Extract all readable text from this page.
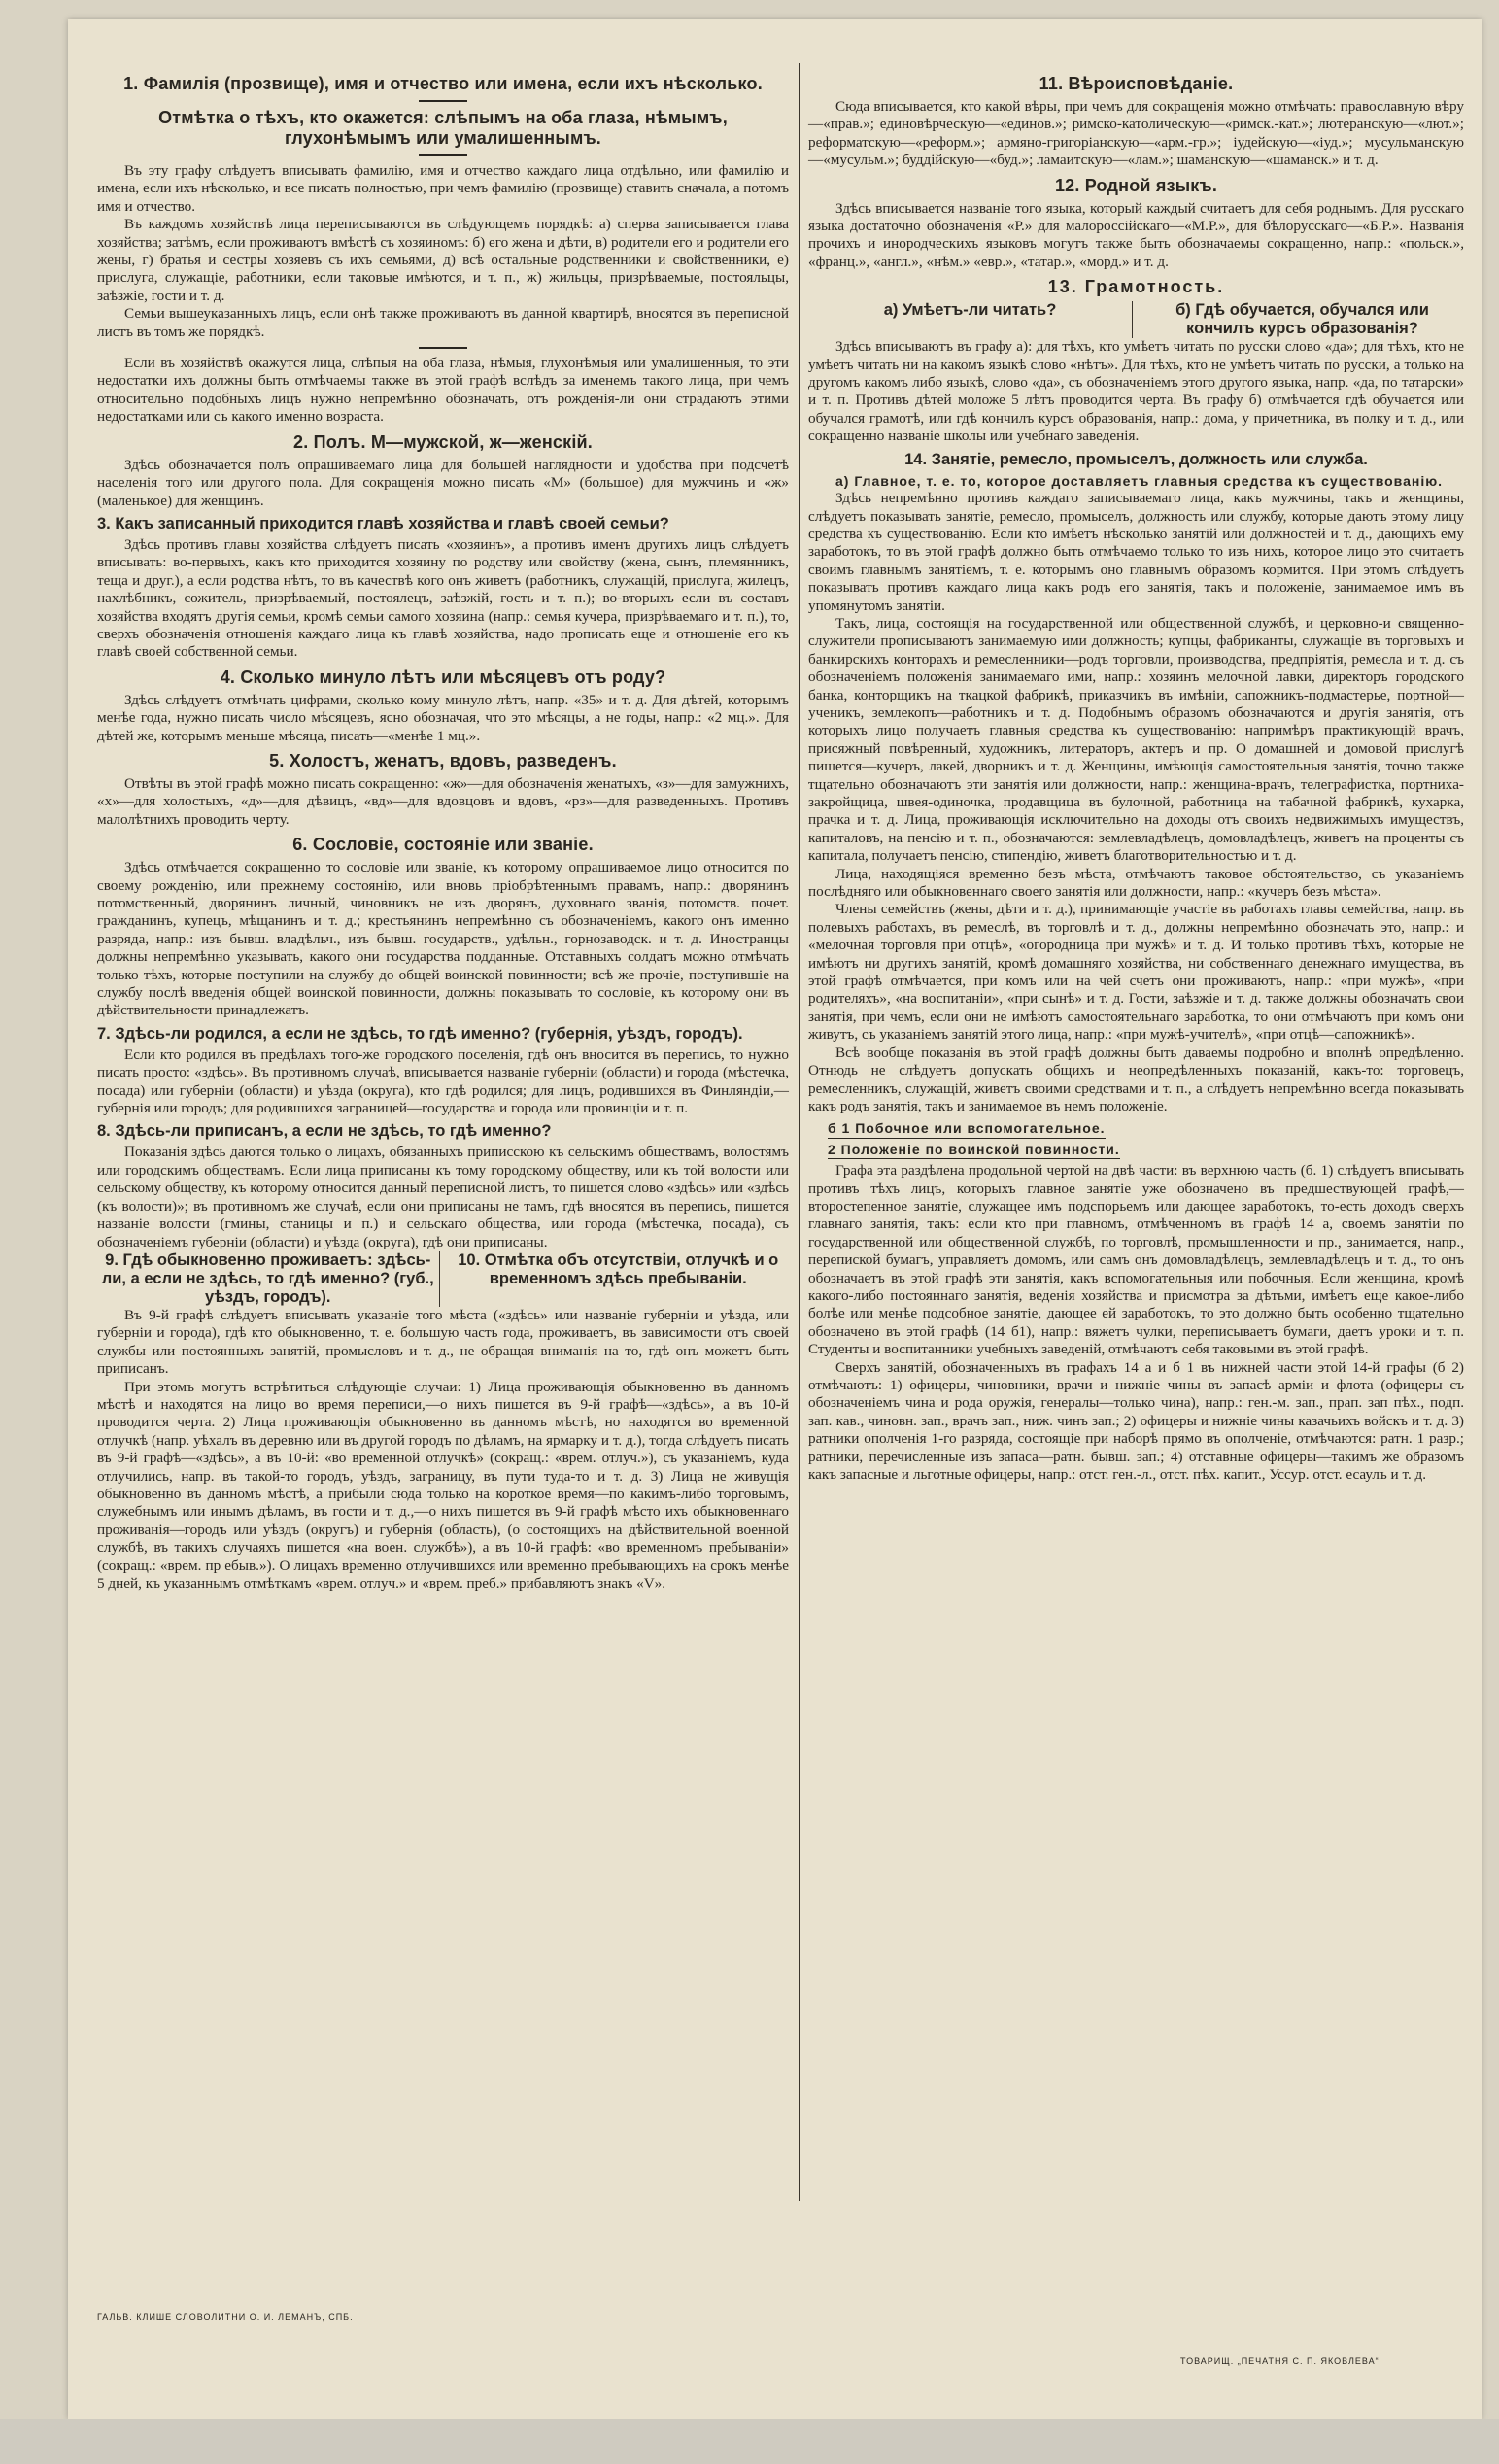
1. Фамилія (прозвище), имя и отчество или имена, если ихъ нѣсколько.
Отмѣтка о тѣхъ, кто окажется: слѣпымъ на оба глаза, нѣмымъ, глухонѣмымъ или умалишеннымъ.

Въ эту графу слѣдуетъ вписывать фамилію, имя и отчество каждаго лица отдѣльно, или фамилію и имена, если ихъ нѣсколько, и все писать полностью, при чемъ фамилію (прозвище) ставить сначала, а потомъ имя и отчество.

Въ каждомъ хозяйствѣ лица переписываются въ слѣдующемъ порядкѣ: а) сперва записывается глава хозяйства; затѣмъ, если проживаютъ вмѣстѣ съ хозяиномъ: б) его жена и дѣти, в) родители его и родители его жены, г) братья и сестры хозяевъ съ ихъ семьями, д) всѣ остальные родственники и свойственники, е) прислуга, служащіе, работники, если таковые имѣются, и т. п., ж) жильцы, призрѣваемые, постояльцы, заѣзжіе, гости и т. д.

Семьи вышеуказанныхъ лицъ, если онѣ также проживаютъ въ данной квартирѣ, вносятся въ переписной листъ въ томъ же порядкѣ.

Если въ хозяйствѣ окажутся лица, слѣпыя на оба глаза, нѣмыя, глухонѣмыя или умалишенныя, то эти недостатки ихъ должны быть отмѣчаемы также въ этой графѣ вслѣдъ за именемъ такого лица, при чемъ относительно подобныхъ лицъ нужно непремѣнно обозначать, отъ рожденія-ли они страдаютъ этими недостатками или съ какого именно возраста.

2. Полъ. М—мужской, ж—женскій.

Здѣсь обозначается полъ опрашиваемаго лица для большей наглядности и удобства при подсчетѣ населенія того или другого пола. Для сокращенія можно писать «М» (большое) для мужчинъ и «ж» (маленькое) для женщинъ.

3. Какъ записанный приходится главѣ хозяйства и главѣ своей семьи?

Здѣсь противъ главы хозяйства слѣдуетъ писать «хозяинъ», а противъ именъ другихъ лицъ слѣдуетъ вписывать: во-первыхъ, какъ кто приходится хозяину по родству или свойству (жена, сынъ, племянникъ, теща и друг.), а если родства нѣтъ, то въ качествѣ кого онъ живетъ (работникъ, служащій, прислуга, жилецъ, нахлѣбникъ, сожитель, призрѣваемый, постоялецъ, заѣзжій, гость и т. п.); во-вторыхъ если въ составъ хозяйства входятъ другія семьи, кромѣ семьи самого хозяина (напр.: семья кучера, призрѣваемаго и т. п.), то, сверхъ обозначенія отношенія каждаго лица къ главѣ хозяйства, надо прописать еще и отношеніе его къ главѣ своей собственной семьи.

4. Сколько минуло лѣтъ или мѣсяцевъ отъ роду?

Здѣсь слѣдуетъ отмѣчать цифрами, сколько кому минуло лѣтъ, напр. «35» и т. д. Для дѣтей, которымъ менѣе года, нужно писать число мѣсяцевъ, ясно обозначая, что это мѣсяцы, а не годы, напр.: «2 мц.». Для дѣтей же, которымъ меньше мѣсяца, писать—«менѣе 1 мц.».

5. Холостъ, женатъ, вдовъ, разведенъ.

Отвѣты въ этой графѣ можно писать сокращенно: «ж»—для обозначенія женатыхъ, «з»—для замужнихъ, «х»—для холостыхъ, «д»—для дѣвицъ, «вд»—для вдовцовъ и вдовъ, «рз»—для разведенныхъ. Противъ малолѣтнихъ проводить черту.

6. Сословіе, состояніе или званіе.

Здѣсь отмѣчается сокращенно то сословіе или званіе, къ которому опрашиваемое лицо относится по своему рожденію, или прежнему состоянію, или вновь пріобрѣтеннымъ правамъ, напр.: дворянинъ потомственный, дворянинъ личный, чиновникъ не изъ дворянъ, духовнаго званія, потомств. почет. гражданинъ, купецъ, мѣщанинъ и т. д.; крестьянинъ непремѣнно съ обозначеніемъ, какого онъ именно разряда, напр.: изъ бывш. владѣльч., изъ бывш. государств., удѣльн., горнозаводск. и т. д. Иностранцы должны непремѣнно указывать, какого они государства подданные. Отставныхъ солдатъ можно отмѣчать только тѣхъ, которые поступили на службу до общей воинской повинности; всѣ же прочіе, поступившіе на службу послѣ введенія общей воинской повинности, должны показывать то сословіе, къ которому они въ дѣйствительности принадлежатъ.

7. Здѣсь-ли родился, а если не здѣсь, то гдѣ именно? (губернія, уѣздъ, городъ).

Если кто родился въ предѣлахъ того-же городского поселенія, гдѣ онъ вносится въ перепись, то нужно писать просто: «здѣсь». Въ противномъ случаѣ, вписывается названіе губерніи (области) и города (мѣстечка, посада) или губерніи (области) и уѣзда (округа), кто гдѣ родился; для лицъ, родившихся въ Финляндіи,—губернія или городъ; для родившихся заграницей—государства и города или провинціи и т. п.

8. Здѣсь-ли приписанъ, а если не здѣсь, то гдѣ именно?

Показанія здѣсь даются только о лицахъ, обязанныхъ приписскою къ сельскимъ обществамъ, волостямъ или городскимъ обществамъ. Если лица приписаны къ тому городскому обществу, или къ той волости или сельскому обществу, къ которому относится данный переписной листъ, то пишется слово «здѣсь» или «здѣсь (къ волости)»; въ противномъ же случаѣ, если они приписаны не тамъ, гдѣ вносятся въ перепись, пишется названіе волости (гмины, станицы и п.) и сельскаго общества, или города (мѣстечка, посада), съ обозначеніемъ губерніи (области) и уѣзда (округа), гдѣ они приписаны.

9. Гдѣ обыкновенно проживаетъ: здѣсь-ли, а если не здѣсь, то гдѣ именно? (губ., уѣздъ, городъ).
10. Отмѣтка объ отсутствіи, отлучкѣ и о временномъ здѣсь пребываніи.

Въ 9-й графѣ слѣдуетъ вписывать указаніе того мѣста («здѣсь» или названіе губерніи и уѣзда, или губерніи и города), гдѣ кто обыкновенно, т. е. большую часть года, проживаетъ, въ зависимости отъ своей службы или постоянныхъ занятій, промысловъ и т. д., не обращая вниманія на то, гдѣ онъ можетъ быть приписанъ.

При этомъ могутъ встрѣтиться слѣдующіе случаи: 1) Лица проживающія обыкновенно въ данномъ мѣстѣ и находятся на лицо во время переписи,—о нихъ пишется въ 9-й графѣ—«здѣсь», а въ 10-й проводится черта. 2) Лица проживающія обыкновенно въ данномъ мѣстѣ, но находятся во временной отлучкѣ (напр. уѣхалъ въ деревню или въ другой городъ по дѣламъ, на ярмарку и т. д.), тогда слѣдуетъ писать въ 9-й графѣ—«здѣсь», а въ 10-й: «во временной отлучкѣ» (сокращ.: «врем. отлуч.»), съ указаніемъ, куда отлучились, напр. въ такой-то городъ, уѣздъ, заграницу, въ пути туда-то и т. д. 3) Лица не живущія обыкновенно въ данномъ мѣстѣ, а прибыли сюда только на короткое время—по какимъ-либо торговымъ, служебнымъ или инымъ дѣламъ, въ гости и т. д.,—о нихъ пишется въ 9-й графѣ мѣсто ихъ обыкновеннаго проживанія—городъ или уѣздъ (округъ) и губернія (область), (о состоящихъ на дѣйствительной военной службѣ, въ такихъ случаяхъ пишется «на воен. службѣ»), а въ 10-й графѣ: «во временномъ пребываніи» (сокращ.: «врем. пр ебыв.»). О лицахъ временно отлучившихся или временно пребывающихъ на срокъ менѣе 5 дней, къ указаннымъ отмѣткамъ «врем. отлуч.» и «врем. преб.» прибавляютъ знакъ «V».

11. Вѣроисповѣданіе.

Сюда вписывается, кто какой вѣры, при чемъ для сокращенія можно отмѣчать: православную вѣру—«прав.»; единовѣрческую—«единов.»; римско-католическую—«римск.-кат.»; лютеранскую—«лют.»; реформатскую—«реформ.»; армяно-григоріанскую—«арм.-гр.»; іудейскую—«іуд.»; мусульманскую—«мусульм.»; буддійскую—«буд.»; ламаитскую—«лам.»; шаманскую—«шаманск.» и т. д.

12. Родной языкъ.

Здѣсь вписывается названіе того языка, который каждый считаетъ для себя роднымъ. Для русскаго языка достаточно обозначенія «Р.» для малороссійскаго—«М.Р.», для бѣлорусскаго—«Б.Р.». Названія прочихъ и инородческихъ языковъ могутъ также быть обозначаемы сокращенно, напр.: «польск.», «франц.», «англ.», «нѣм.» «евр.», «татар.», «морд.» и т. д.

13. Грамотность.
а) Умѣетъ-ли читать?	б) Гдѣ обучается, обучался или кончилъ курсъ образованія?

Здѣсь вписываютъ въ графу а): для тѣхъ, кто умѣетъ читать по русски слово «да»; для тѣхъ, кто не умѣетъ читать ни на какомъ языкѣ слово «нѣтъ». Для тѣхъ, кто не умѣетъ читать по русски, а только на другомъ какомъ либо языкѣ, слово «да», съ обозначеніемъ этого другого языка, напр. «да, по татарски» и т. п. Противъ дѣтей моложе 5 лѣтъ проводится черта. Въ графу б) отмѣчается гдѣ обучается или обучался грамотѣ, или гдѣ кончилъ курсъ образованія, напр.: дома, у причетника, въ полку и т. д., или сокращенно названіе школы или учебнаго заведенія.

14. Занятіе, ремесло, промыселъ, должность или служба.

а) Главное, т. е. то, которое доставляетъ главныя средства къ существованію.

Здѣсь непремѣнно противъ каждаго записываемаго лица, какъ мужчины, такъ и женщины, слѣдуетъ показывать занятіе, ремесло, промыселъ, должность или службу, которые даютъ этому лицу средства къ существованію. Если кто имѣетъ нѣсколько занятій или должностей и т. д., дающихъ ему заработокъ, то въ этой графѣ должно быть отмѣчаемо только то изъ нихъ, которое лицо это считаетъ своимъ главнымъ занятіемъ, т. е. которымъ оно главнымъ образомъ кормится. При этомъ слѣдуетъ показывать противъ каждаго лица какъ родъ его занятія, такъ и положеніе, занимаемое имъ въ упомянутомъ занятіи.

Такъ, лица, состоящія на государственной или общественной службѣ, и церковно-и священно-служители прописываютъ занимаемую ими должность; купцы, фабриканты, служащіе въ торговыхъ и банкирскихъ конторахъ и ремесленники—родъ торговли, производства, предпріятія, ремесла и т. д. съ обозначеніемъ положенія занимаемаго ими, напр.: хозяинъ мелочной лавки, директоръ городского банка, конторщикъ на ткацкой фабрикѣ, приказчикъ въ имѣніи, сапожникъ-подмастерье, портной—ученикъ, землекопъ—работникъ и т. д. Подобнымъ образомъ обозначаются и другія занятія, отъ которыхъ лицо получаетъ главныя средства къ существованію: напримѣръ практикующій врачъ, присяжный повѣренный, художникъ, литераторъ, актеръ и пр. О домашней и домовой прислугѣ пишется—кучеръ, лакей, дворникъ и т. д. Женщины, имѣющія самостоятельныя занятія, точно также тщательно обозначаютъ эти занятія или должности, напр.: женщина-врачъ, телеграфистка, портниха-закройщица, швея-одиночка, продавщица въ булочной, работница на табачной фабрикѣ, кухарка, прачка и т. д. Лица, проживающія исключительно на доходы отъ своихъ недвижимыхъ имуществъ, капиталовъ, на пенсію и т. п., обозначаются: землевладѣлецъ, домовладѣлецъ, живетъ на проценты съ капитала, получаетъ пенсію, стипендію, живетъ благотворительностью и т. д.

Лица, находящіяся временно безъ мѣста, отмѣчаютъ таковое обстоятельство, съ указаніемъ послѣдняго или обыкновеннаго своего занятія или должности, напр.: «кучеръ безъ мѣста».

Члены семействъ (жены, дѣти и т. д.), принимающіе участіе въ работахъ главы семейства, напр. въ полевыхъ работахъ, въ ремеслѣ, въ торговлѣ и т. д., должны непремѣнно обозначать это, напр.: и «мелочная торговля при отцѣ», «огородница при мужѣ» и т. д. И только противъ тѣхъ, которые не имѣютъ ни другихъ занятій, кромѣ домашняго хозяйства, ни собственнаго денежнаго имущества, въ этой графѣ отмѣчается, при комъ или на чей счетъ они проживаютъ, напр.: «при мужѣ», «при родителяхъ», «на воспитаніи», «при сынѣ» и т. д. Гости, заѣзжіе и т. д. также должны обозначать свои занятія, при чемъ, если они не имѣютъ самостоятельнаго заработка, то они отмѣчаютъ при комъ они живутъ, съ указаніемъ занятій этого лица, напр.: «при мужѣ-учителѣ», «при отцѣ—сапожникѣ».

Всѣ вообще показанія въ этой графѣ должны быть даваемы подробно и вполнѣ опредѣленно. Отнюдь не слѣдуетъ допускать общихъ и неопредѣленныхъ показаній, какъ-то: торговецъ, ремесленникъ, служащій, живетъ своими средствами и т. п., а слѣдуетъ непремѣнно всегда показывать какъ родъ занятія, такъ и занимаемое въ немъ положеніе.

б 1 Побочное или вспомогательное.
2 Положеніе по воинской повинности.

Графа эта раздѣлена продольной чертой на двѣ части: въ верхнюю часть (б. 1) слѣдуетъ вписывать противъ тѣхъ лицъ, которыхъ главное занятіе уже обозначено въ предшествующей графѣ,—второстепенное занятіе, служащее имъ подспорьемъ или дающее заработокъ, то-есть доходъ сверхъ главнаго занятія, такъ: если кто при главномъ, отмѣченномъ въ графѣ 14 а, своемъ занятіи по государственной или общественной службѣ, по торговлѣ, промышленности и пр., занимается, напр., перепиской бумагъ, управляетъ домомъ, или самъ онъ домовладѣлецъ, землевладѣлецъ и т. д., то онъ обозначаетъ въ этой графѣ эти занятія, какъ вспомогательныя или побочныя. Если женщина, кромѣ какого-либо постояннаго занятія, веденія хозяйства и присмотра за дѣтьми, имѣетъ еще какое-либо болѣе или менѣе подсобное занятіе, дающее ей заработокъ, то это должно быть особенно тщательно обозначено въ этой графѣ (14 б1), напр.: вяжетъ чулки, переписываетъ бумаги, даетъ уроки и т. п. Студенты и воспитанники учебныхъ заведеній, отмѣчаютъ себя таковыми въ этой графѣ.

Сверхъ занятій, обозначенныхъ въ графахъ 14 а и б 1 въ нижней части этой 14-й графы (б 2) отмѣчаютъ: 1) офицеры, чиновники, врачи и нижніе чины въ запасѣ арміи и флота (офицеры съ обозначеніемъ чина и рода оружія, генералы—только чина), напр.: ген.-м. зап., прап. зап пѣх., подп. зап. кав., чиновн. зап., врачъ зап., ниж. чинъ зап.; 2) офицеры и нижніе чины казачьихъ войскъ и т. д. 3) ратники ополченія 1-го разряда, состоящіе при наборѣ прямо въ ополченіе, отмѣчаются: ратн. 1 разр.; ратники, перечисленные изъ запаса—ратн. бывш. зап.; 4) отставные офицеры—такимъ же образомъ какъ запасные и льготные офицеры, напр.: отст. ген.-л., отст. пѣх. капит., Уссур. отст. есаулъ и т. д.

ГАЛЬВ. КЛИШЕ СЛОВОЛИТНИ О. И. ЛЕМАНЪ, СПБ.
ТОВАРИЩ. „ПЕЧАТНЯ С. П. ЯКОВЛЕВА“
